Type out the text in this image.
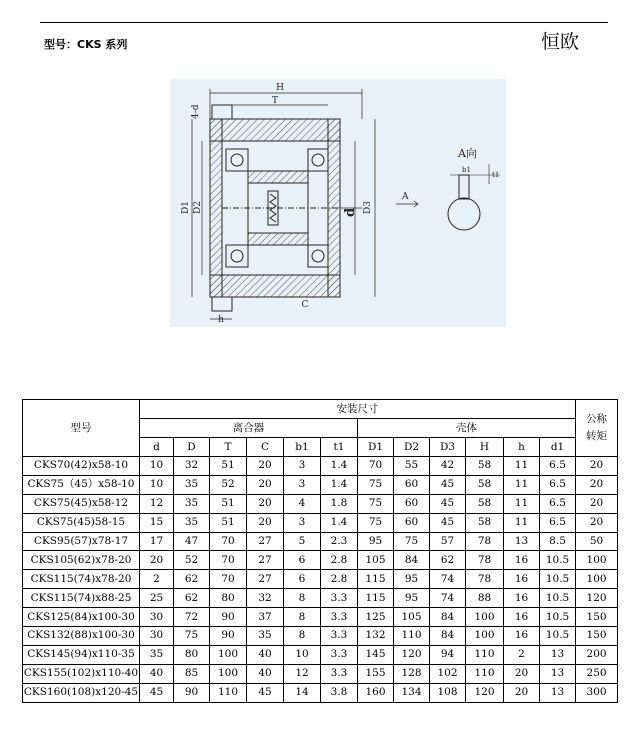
型号：CKS 系列	恒欧
H
T
C
h
4-d
D1 D2	d D3
A
A向
b1
t1
型号	安装尺寸												公称
转矩
	离合器						壳体						
	d	D	T	C	b1	t1	D1	D2	D3	H	h	d1	
CKS70(42)x58-10	10	32	51	20	3	1.4	70	55	42	58	11	6.5	20
CKS75（45）x58-10	10	35	52	20	3	1.4	75	60	45	58	11	6.5	20
CKS75(45)x58-12	12	35	51	20	4	1.8	75	60	45	58	11	6.5	20
CKS75(45)58-15	15	35	51	20	3	1.4	75	60	45	58	11	6.5	20
CKS95(57)x78-17	17	47	70	27	5	2.3	95	75	57	78	13	8.5	50
CKS105(62)x78-20	20	52	70	27	6	2.8	105	84	62	78	16	10.5	100
CKS115(74)x78-20	2	62	70	27	6	2.8	115	95	74	78	16	10.5	100
CKS115(74)x88-25	25	62	80	32	8	3.3	115	95	74	88	16	10.5	120
CKS125(84)x100-30	30	72	90	37	8	3.3	125	105	84	100	16	10.5	150
CKS132(88)x100-30	30	75	90	35	8	3.3	132	110	84	100	16	10.5	150
CKS145(94)x110-35	35	80	100	40	10	3.3	145	120	94	110	2	13	200
CKS155(102)x110-40	40	85	100	40	12	3.3	155	128	102	110	20	13	250
CKS160(108)x120-45	45	90	110	45	14	3.8	160	134	108	120	20	13	300
